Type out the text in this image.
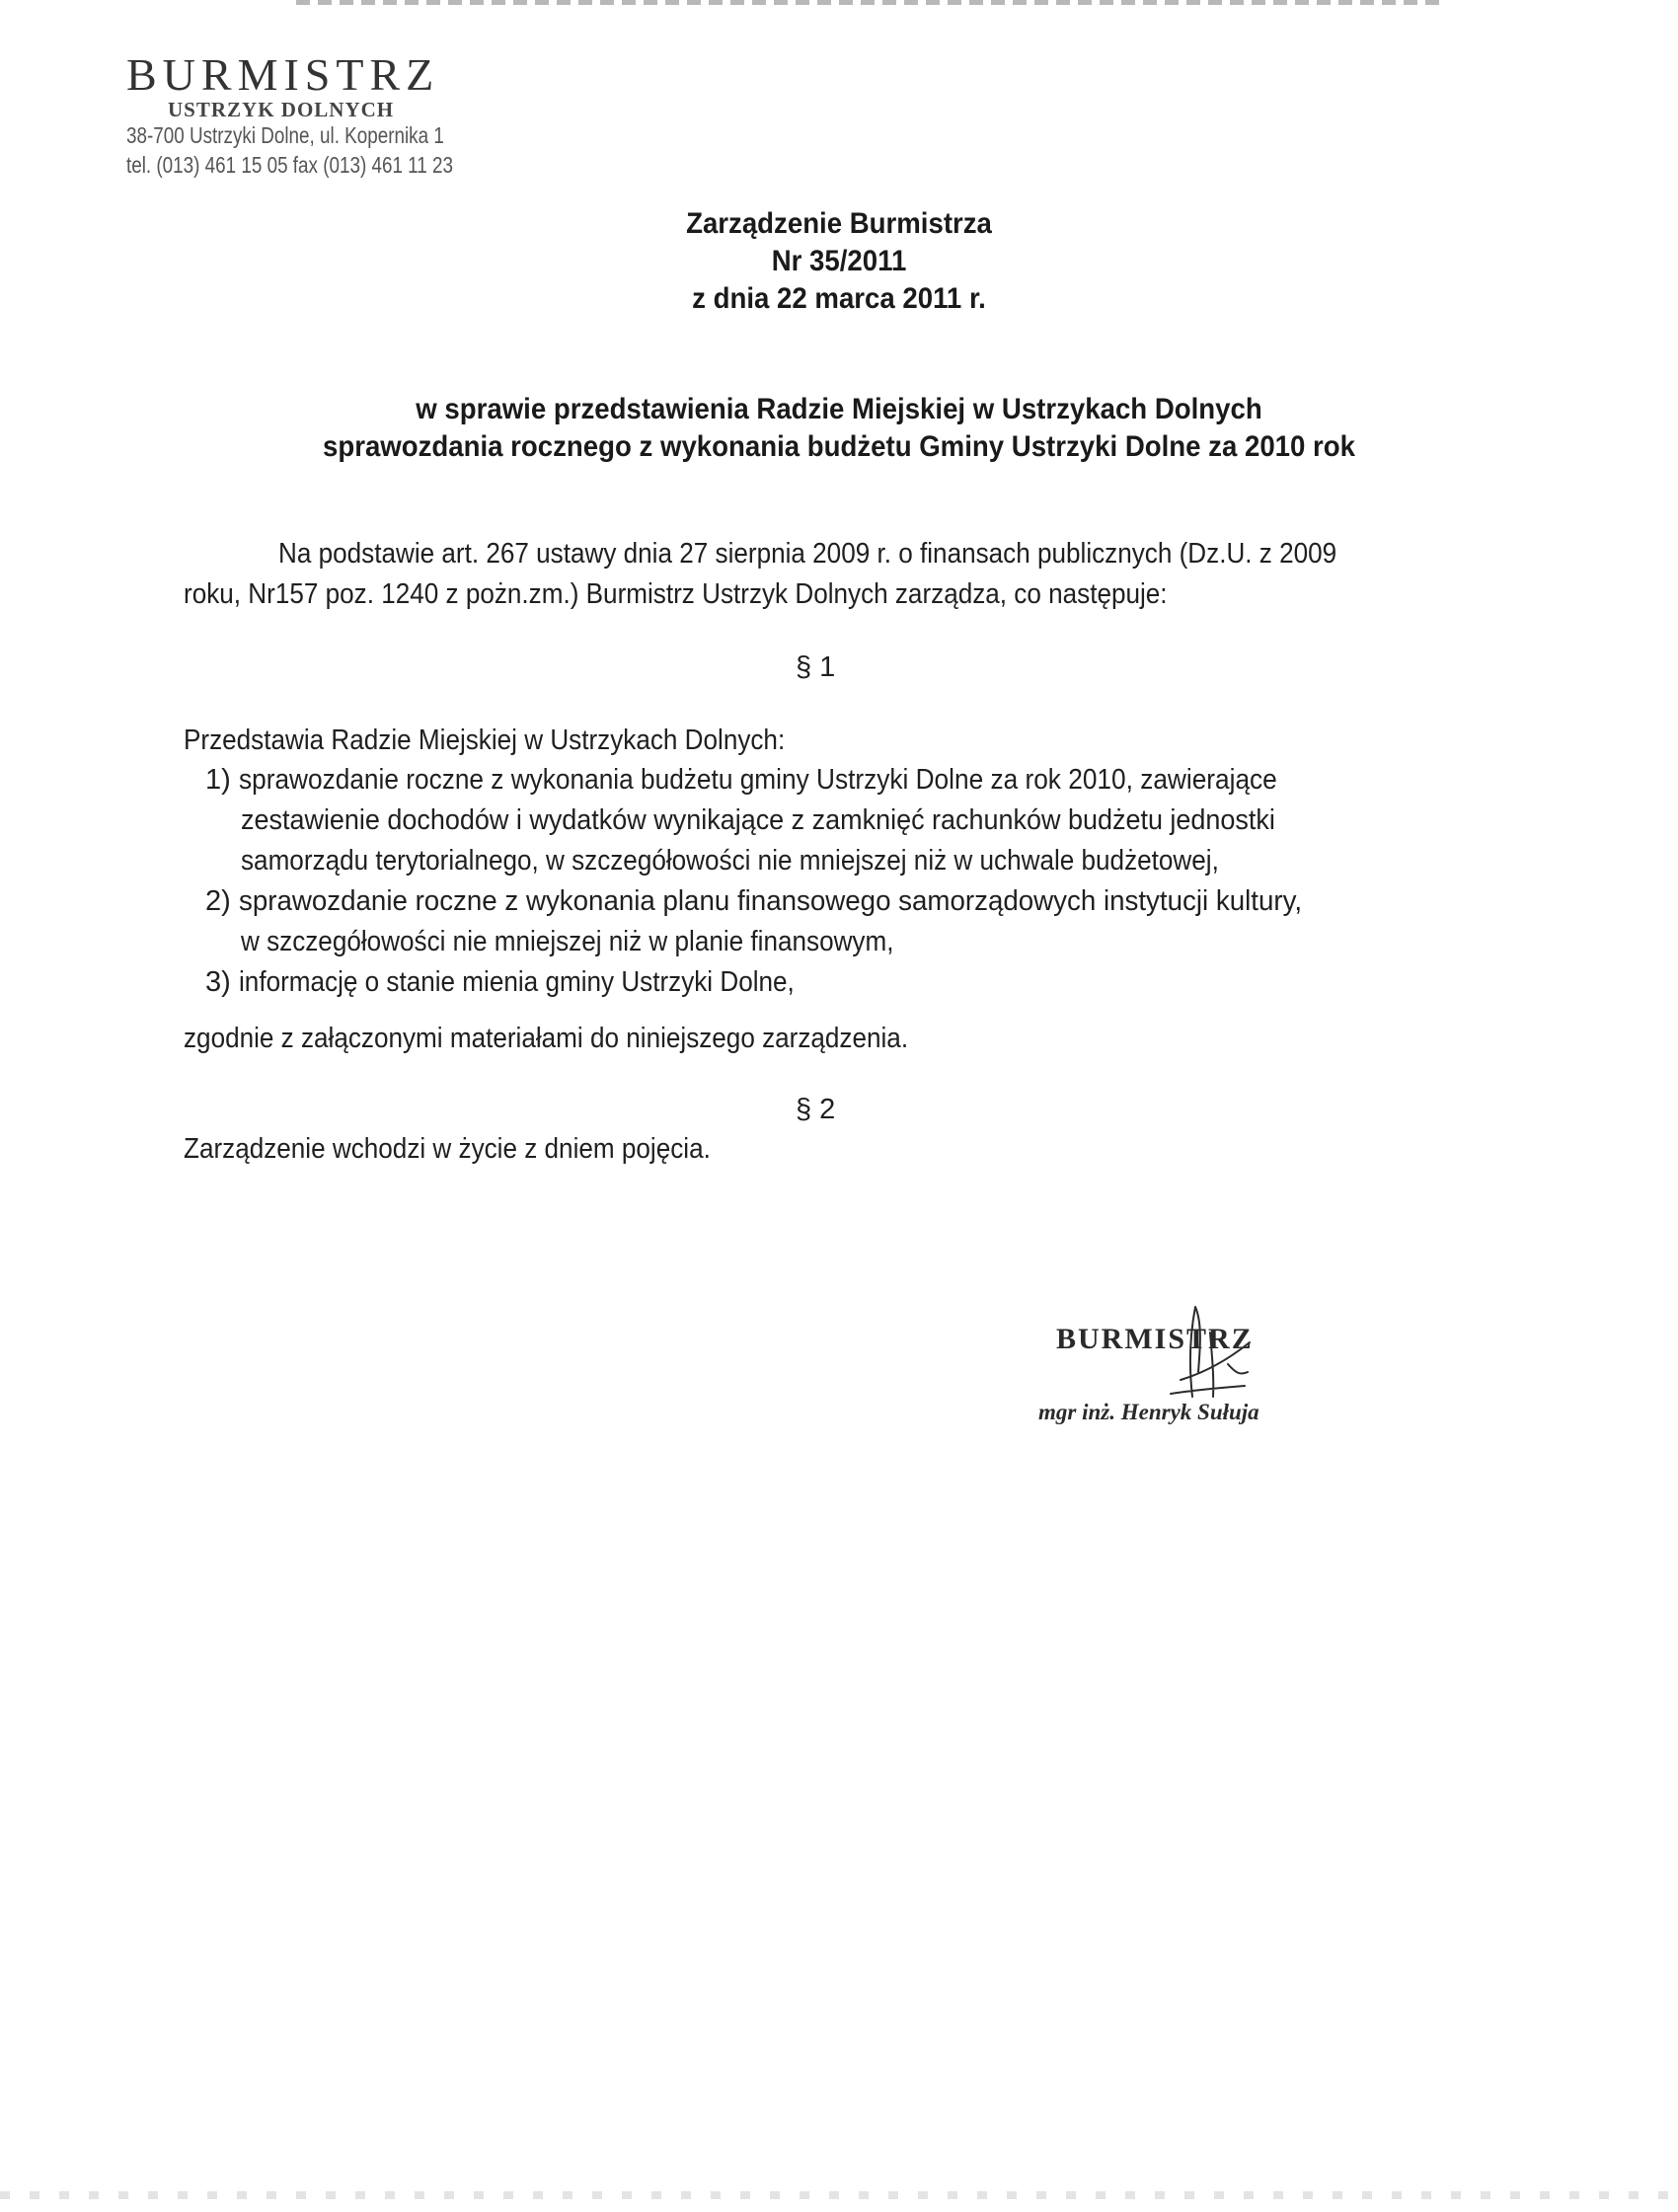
BURMISTRZ
USTRZYK DOLNYCH
38-700 Ustrzyki Dolne, ul. Kopernika 1
tel. (013) 461 15 05 fax (013) 461 11 23
Zarządzenie Burmistrza
Nr 35/2011
z dnia 22 marca 2011 r.
w sprawie przedstawienia Radzie Miejskiej w Ustrzykach Dolnych
sprawozdania rocznego z wykonania budżetu Gminy Ustrzyki Dolne za 2010 rok
Na podstawie art. 267 ustawy dnia 27 sierpnia 2009 r. o finansach publicznych (Dz.U. z 2009
roku, Nr157 poz. 1240 z pożn.zm.) Burmistrz Ustrzyk Dolnych zarządza, co następuje:
§ 1
Przedstawia Radzie Miejskiej w Ustrzykach Dolnych:
1) sprawozdanie roczne z wykonania budżetu gminy Ustrzyki Dolne za rok 2010, zawierające
zestawienie dochodów i wydatków wynikające z zamknięć rachunków budżetu jednostki
samorządu terytorialnego, w szczegółowości nie mniejszej niż w uchwale budżetowej,
2) sprawozdanie roczne z wykonania planu finansowego samorządowych instytucji kultury,
w szczegółowości nie mniejszej niż w planie finansowym,
3) informację o stanie mienia gminy Ustrzyki Dolne,
zgodnie z załączonymi materiałami do niniejszego zarządzenia.
§ 2
Zarządzenie wchodzi w życie z dniem pojęcia.
BURMISTRZ
mgr inż. Henryk Sułuja
